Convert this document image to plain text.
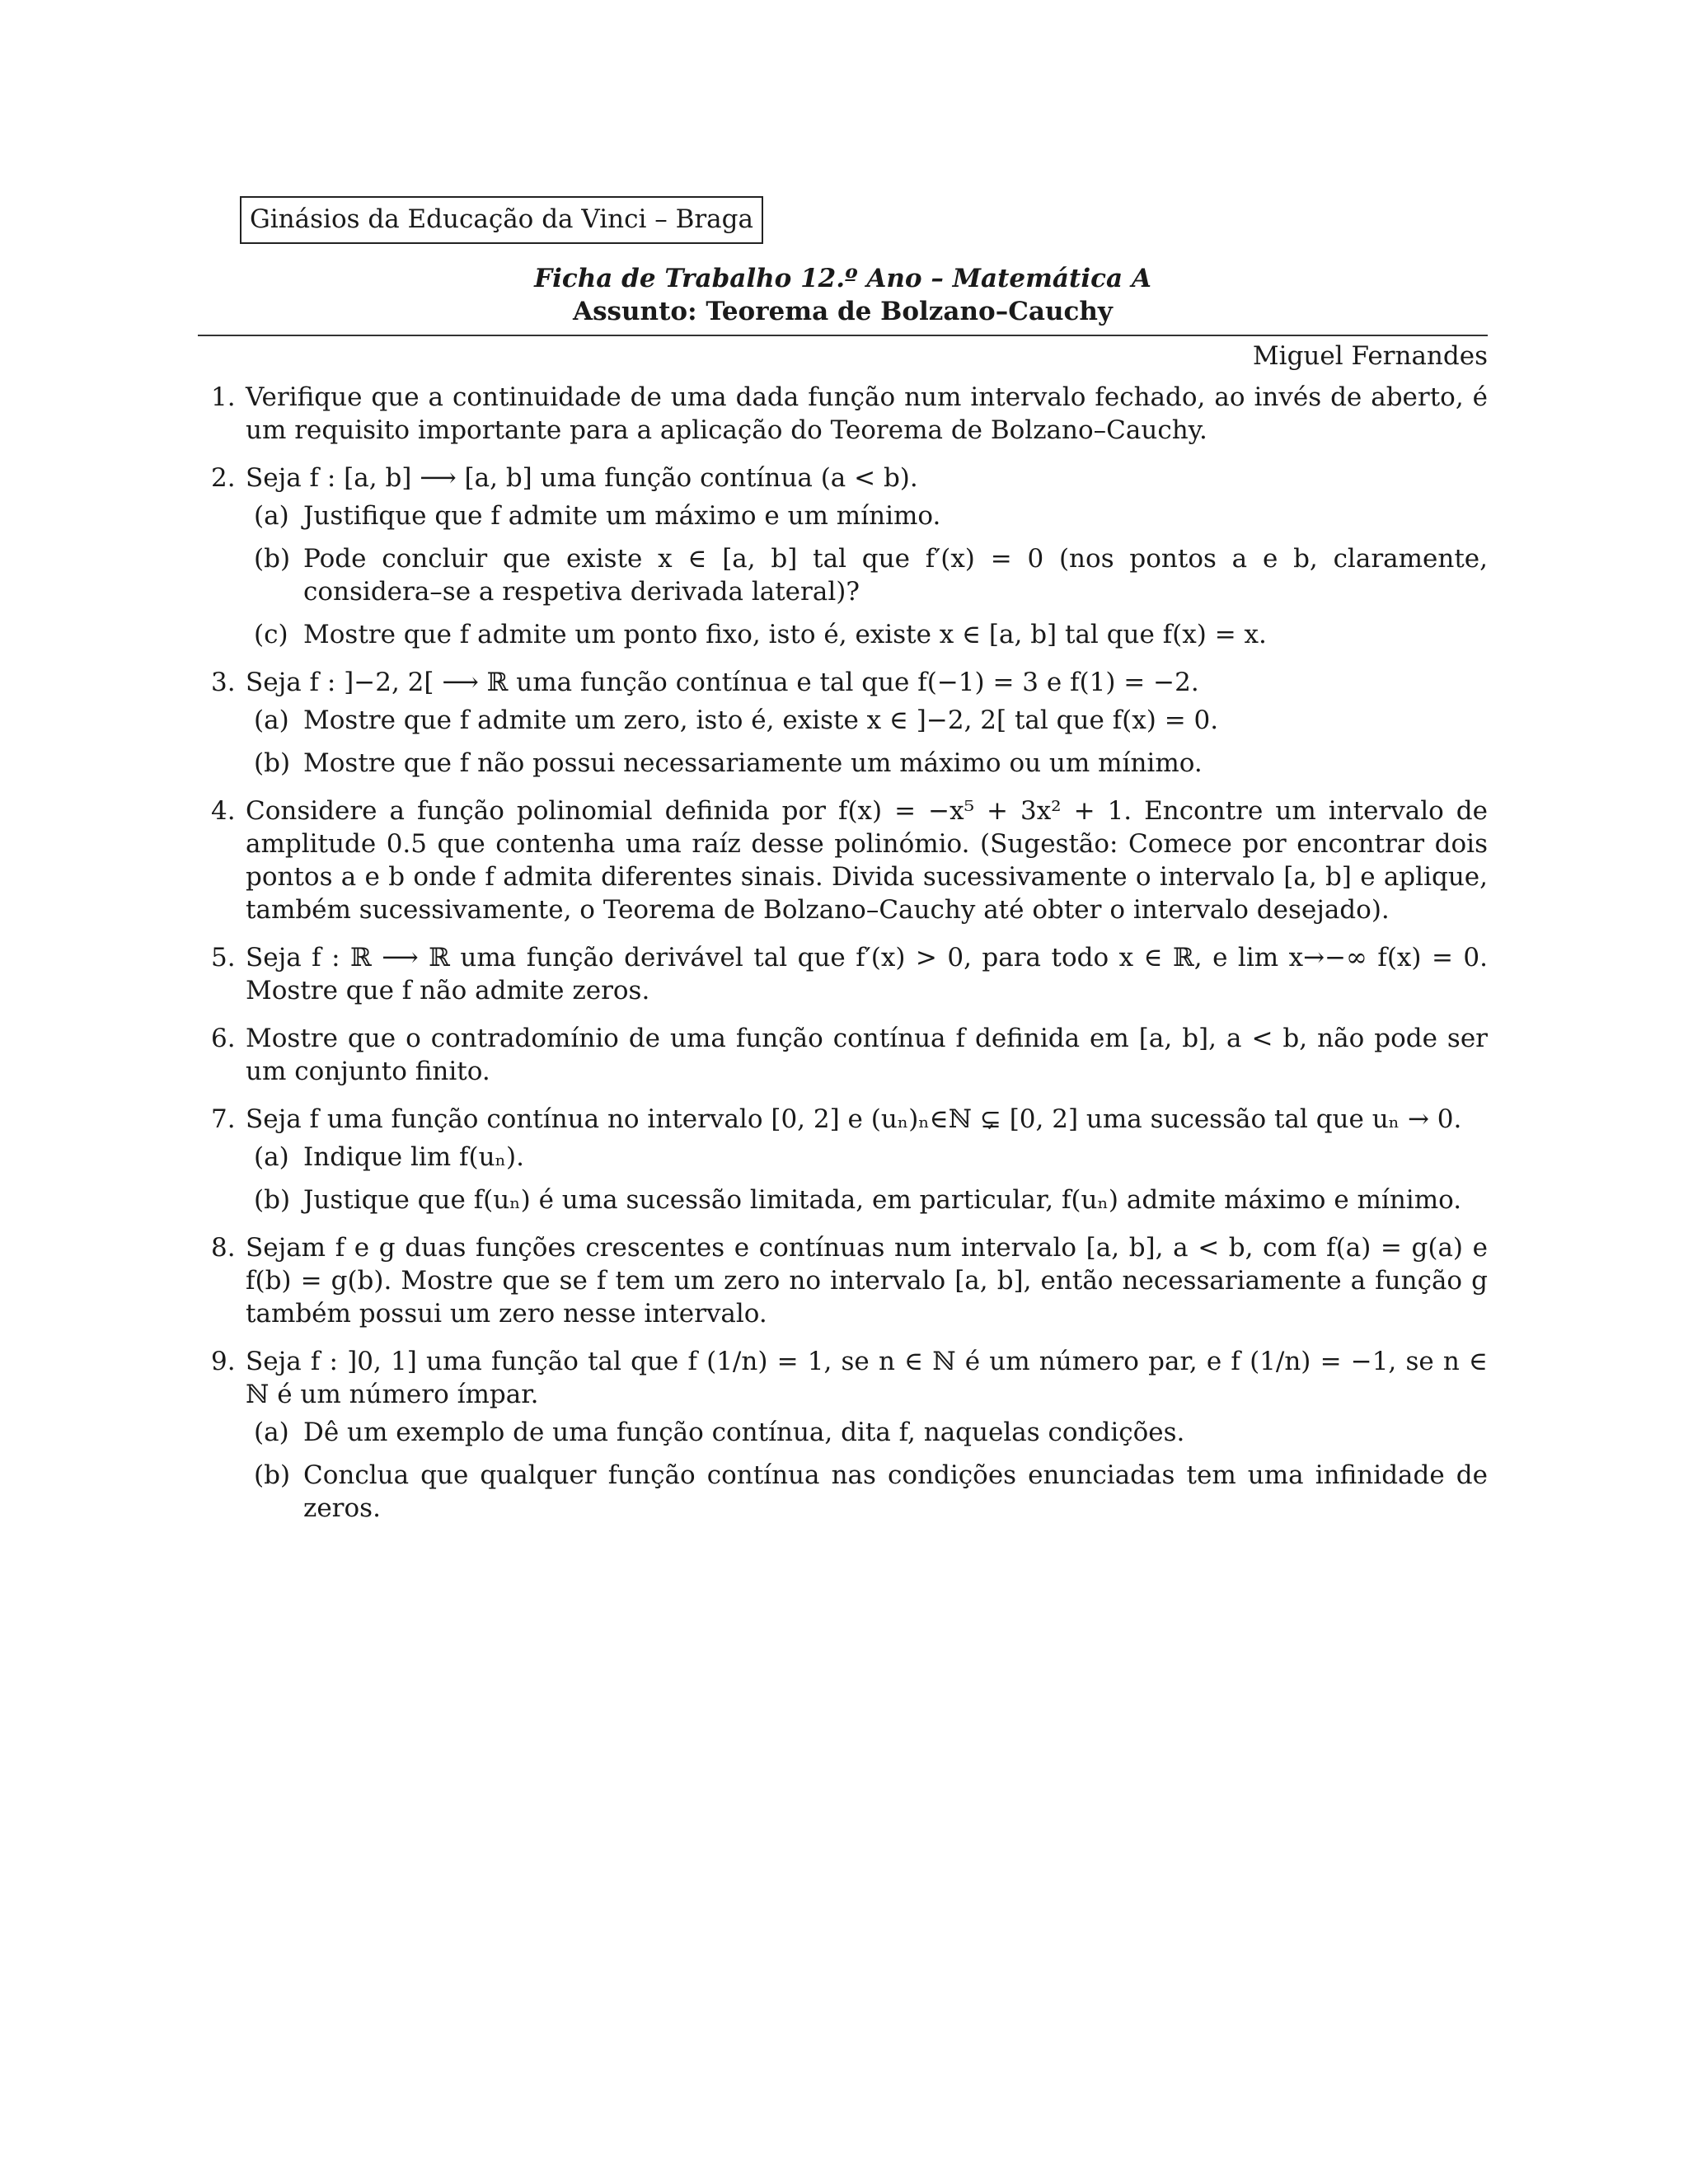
Ginásios da Educação da Vinci – Braga
Ficha de Trabalho 12.º Ano – Matemática A
Assunto: Teorema de Bolzano–Cauchy
Miguel Fernandes
1. Verifique que a continuidade de uma dada função num intervalo fechado, ao invés de aberto, é um requisito importante para a aplicação do Teorema de Bolzano–Cauchy.
2. Seja f : [a, b] ⟶ [a, b] uma função contínua (a < b).
(a) Justifique que f admite um máximo e um mínimo.
(b) Pode concluir que existe x ∈ [a, b] tal que f′(x) = 0 (nos pontos a e b, claramente, considera–se a respetiva derivada lateral)?
(c) Mostre que f admite um ponto fixo, isto é, existe x ∈ [a, b] tal que f(x) = x.
3. Seja f : ]−2, 2[ ⟶ ℝ uma função contínua e tal que f(−1) = 3 e f(1) = −2.
(a) Mostre que f admite um zero, isto é, existe x ∈ ]−2, 2[ tal que f(x) = 0.
(b) Mostre que f não possui necessariamente um máximo ou um mínimo.
4. Considere a função polinomial definida por f(x) = −x⁵ + 3x² + 1. Encontre um intervalo de amplitude 0.5 que contenha uma raíz desse polinómio. (Sugestão: Comece por encontrar dois pontos a e b onde f admita diferentes sinais. Divida sucessivamente o intervalo [a, b] e aplique, também sucessivamente, o Teorema de Bolzano–Cauchy até obter o intervalo desejado).
5. Seja f : ℝ ⟶ ℝ uma função derivável tal que f′(x) > 0, para todo x ∈ ℝ, e lim x→−∞ f(x) = 0. Mostre que f não admite zeros.
6. Mostre que o contradomínio de uma função contínua f definida em [a, b], a < b, não pode ser um conjunto finito.
7. Seja f uma função contínua no intervalo [0, 2] e (uₙ)ₙ∈ℕ ⊊ [0, 2] uma sucessão tal que uₙ → 0.
(a) Indique lim f(uₙ).
(b) Justique que f(uₙ) é uma sucessão limitada, em particular, f(uₙ) admite máximo e mínimo.
8. Sejam f e g duas funções crescentes e contínuas num intervalo [a, b], a < b, com f(a) = g(a) e f(b) = g(b). Mostre que se f tem um zero no intervalo [a, b], então necessariamente a função g também possui um zero nesse intervalo.
9. Seja f : ]0, 1] uma função tal que f (1/n) = 1, se n ∈ ℕ é um número par, e f (1/n) = −1, se n ∈ ℕ é um número ímpar.
(a) Dê um exemplo de uma função contínua, dita f, naquelas condições.
(b) Conclua que qualquer função contínua nas condições enunciadas tem uma infinidade de zeros.
